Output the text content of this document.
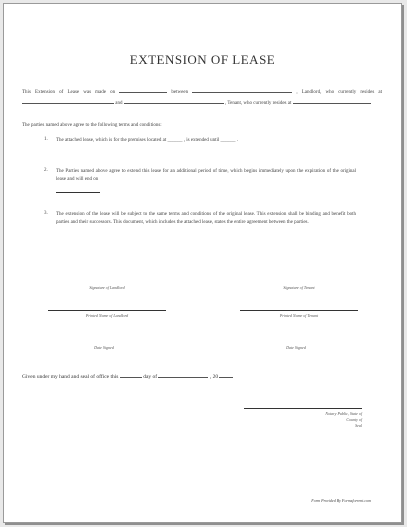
EXTENSION OF LEASE
This Extension of Lease was made on	between	, Landlord, who currently resides at  and	, Tenant, who currently resides at
The parties named above agree to the following terms and conditions:
1. The attached lease, which is for the premises located at ______ , is extended until ______ .
2. The Parties named above agree to extend this lease for an additional period of time, which begins immediately upon the expiration of the original lease and will end on
3. The extension of the lease will be subject to the same terms and conditions of the original lease. This extension shall be binding and benefit both parties and their successors. This document, which includes the attached lease, states the entire agreement between the parties.
Signature of Landlord	Signature of Tenant
Printed Name of Landlord	Printed Name of Tenant
Date Signed	Date Signed
Given under my hand and seal of office this	day of	, 20
Notary Public, State of
County of
Seal
Form Provided By Formsforrent.com
